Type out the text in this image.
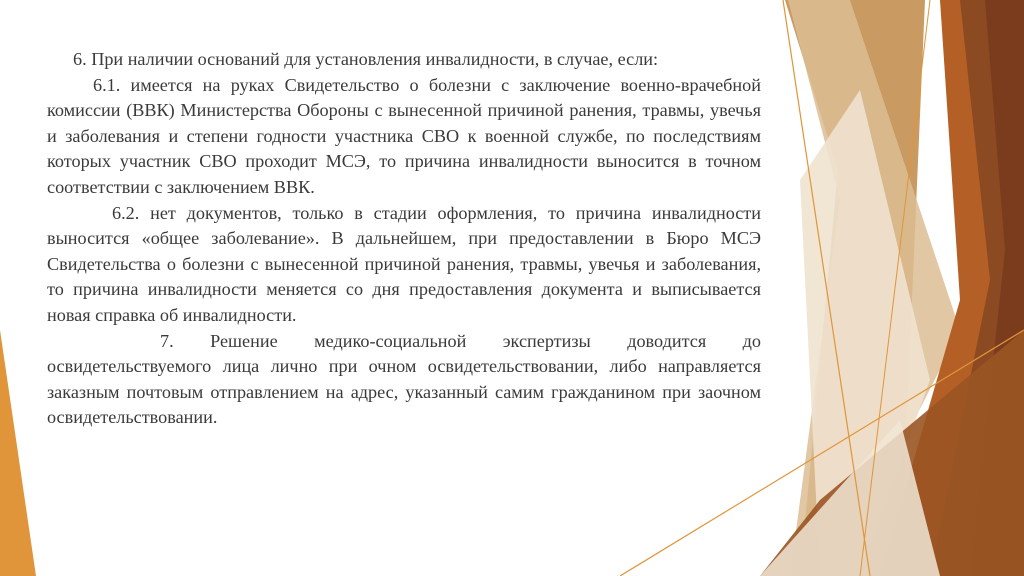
6. При наличии оснований для установления инвалидности, в случае, если:

6.1. имеется на руках Свидетельство о болезни с заключение военно-врачебной комиссии (ВВК) Министерства Обороны с вынесенной причиной ранения, травмы, увечья и заболевания и степени годности участника СВО к военной службе, по последствиям которых участник СВО проходит МСЭ, то причина инвалидности выносится в точном соответствии с заключением ВВК.

6.2. нет документов, только в стадии оформления, то причина инвалидности выносится «общее заболевание». В дальнейшем, при предоставлении в Бюро МСЭ Свидетельства о болезни с вынесенной причиной ранения, травмы, увечья и заболевания, то причина инвалидности меняется со дня предоставления документа и выписывается новая справка об инвалидности.

7. Решение медико-социальной экспертизы доводится до освидетельствуемого лица лично при очном освидетельствовании, либо направляется заказным почтовым отправлением на адрес, указанный самим гражданином при заочном освидетельствовании.
